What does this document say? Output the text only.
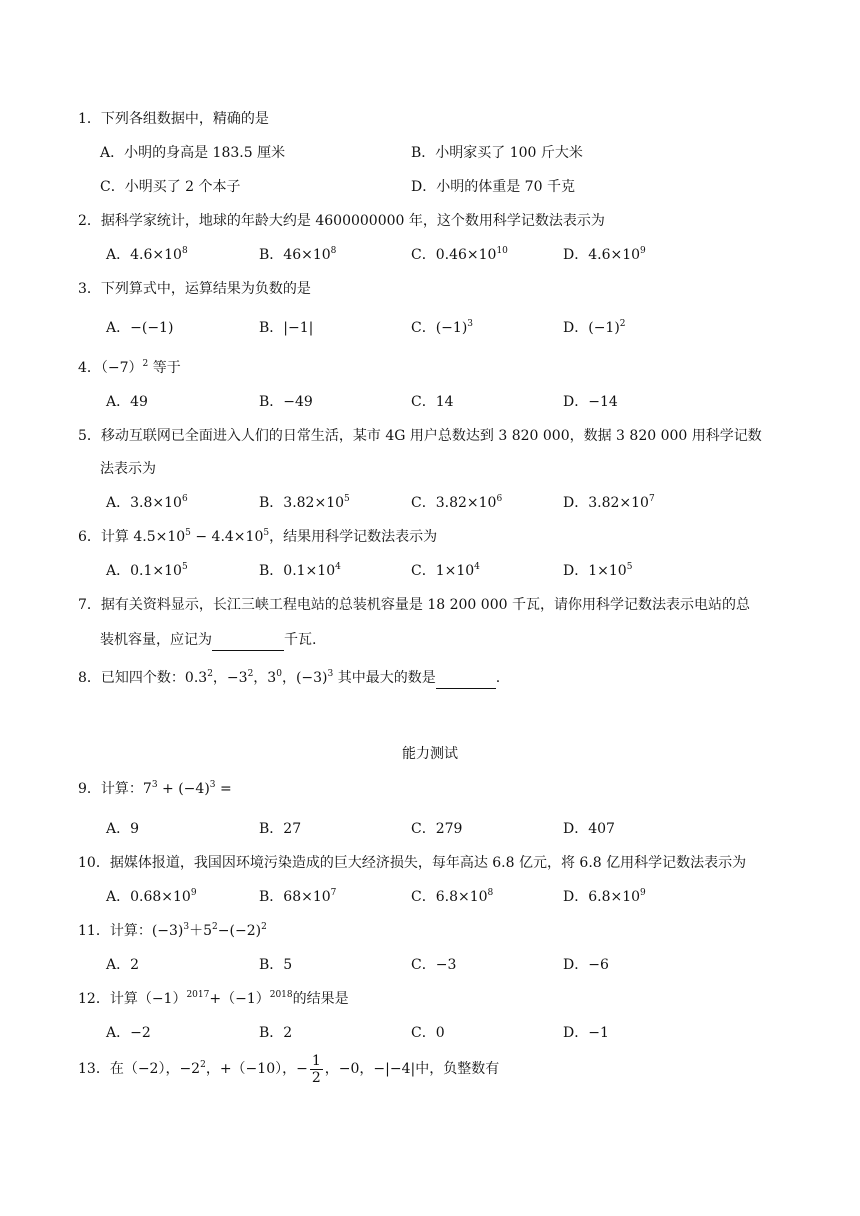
1．下列各组数据中，精确的是
A．小明的身高是 183.5 厘米	B．小明家买了 100 斤大米
C．小明买了 2 个本子	D．小明的体重是 70 千克
2．据科学家统计，地球的年龄大约是 4600000000 年，这个数用科学记数法表示为
A．$4.6\times 10^8$	B．$46\times 10^8$	C．$0.46\times 10^{10}$	D．$4.6\times 10^9$
3．下列算式中，运算结果为负数的是
A．−(−1)	B．|−1|	C．$(-1)^3$	D．$(-1)^2$
4．$(-7)^2$ 等于
A．49	B．−49	C．14	D．−14
5．移动互联网已全面进入人们的日常生活，某市 4G 用户总数达到 3 820 000，数据 3 820 000 用科学记数
法表示为
A．$3.8\times 10^6$	B．$3.82\times 10^5$	C．$3.82\times 10^6$	D．$3.82\times 10^7$
6．计算 $4.5\times 10^5 - 4.4\times 10^5$，结果用科学记数法表示为
A．$0.1\times 10^5$	B．$0.1\times 10^4$	C．$1\times 10^4$	D．$1\times 10^5$
7．据有关资料显示，长江三峡工程电站的总装机容量是 18 200 000 千瓦，请你用科学记数法表示电站的总
装机容量，应记为	千瓦.
8．已知四个数：$0.3^2$，$-3^2$，$3^0$，$(-3)^3$ 其中最大的数是	.
能力测试
9．计算：$7^3 + (-4)^3$ =
A．9	B．27	C．279	D．407
10．据媒体报道，我国因环境污染造成的巨大经济损失，每年高达 6.8 亿元，将 6.8 亿用科学记数法表示为
A．$0.68\times 10^9$	B．$68\times 10^7$	C．$6.8\times 10^8$	D．$6.8\times 10^9$
11．计算：$(-3)^3+5^2-(-2)^2$
A．2	B．5	C．−3	D．−6
12．计算$(-1)^{2017}+(-1)^{2018}$的结果是
A．−2	B．2	C．0	D．−1
13．在（−2），$-2^2$，+（−10），− $\frac{1}{2}$ ，−0，−|−4|中，负整数有
